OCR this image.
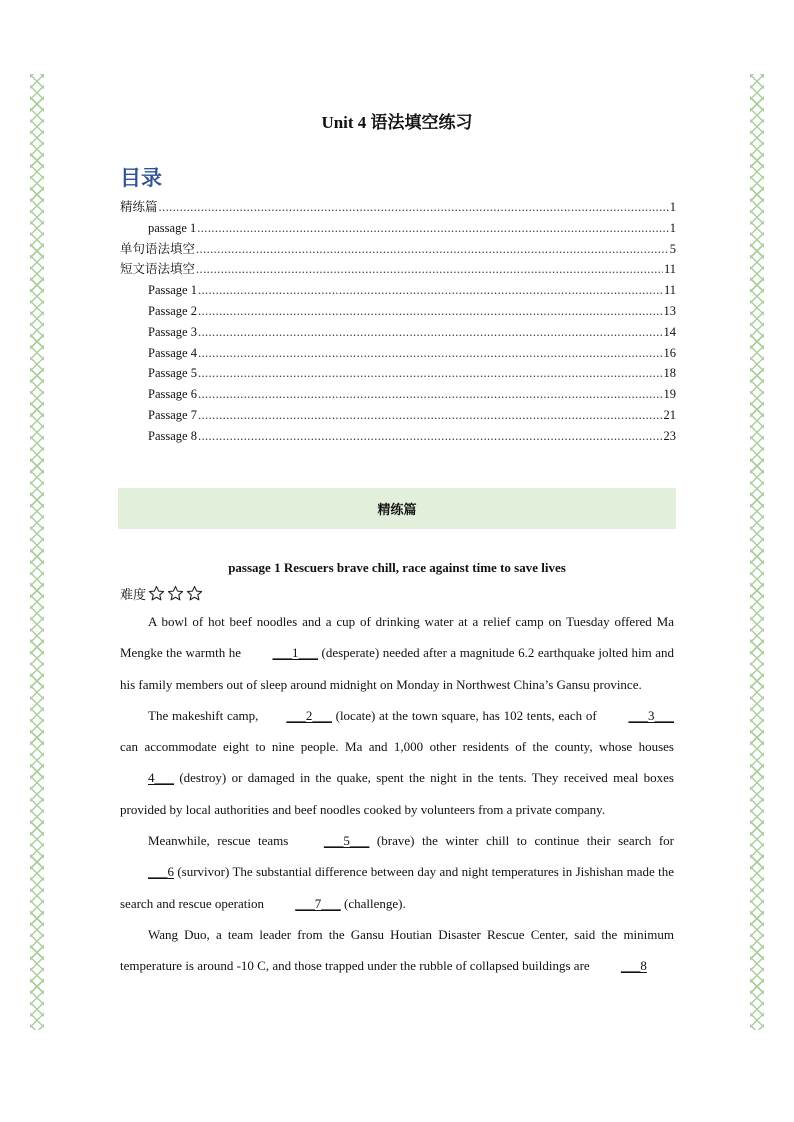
Unit 4 语法填空练习
目录
精练篇 .....	1
passage 1 .....	1
单句语法填空 .....	5
短文语法填空 .....	11
Passage 1 .....	11
Passage 2 .....	13
Passage 3 .....	14
Passage 4 .....	16
Passage 5 .....	18
Passage 6 .....	19
Passage 7 .....	21
Passage 8 .....	23
精练篇
passage 1 Rescuers brave chill, race against time to save lives
难度

A bowl of hot beef noodles and a cup of drinking water at a relief camp on Tuesday offered Ma Mengke the warmth he ___1___ (desperate) needed after a magnitude 6.2 earthquake jolted him and his family members out of sleep around midnight on Monday in Northwest China’s Gansu province.

The makeshift camp, ___2___ (locate) at the town square, has 102 tents, each of ___3___ can accommodate eight to nine people. Ma and 1,000 other residents of the county, whose houses 4___ (destroy) or damaged in the quake, spent the night in the tents. They received meal boxes provided by local authorities and beef noodles cooked by volunteers from a private company.

Meanwhile, rescue teams ___5___ (brave) the winter chill to continue their search for___6 (survivor) The substantial difference between day and night temperatures in Jishishan made the search and rescue operation ___7___ (challenge).

Wang Duo, a team leader from the Gansu Houtian Disaster Rescue Center, said the minimum temperature is around -10 C, and those trapped under the rubble of collapsed buildings are ___8
